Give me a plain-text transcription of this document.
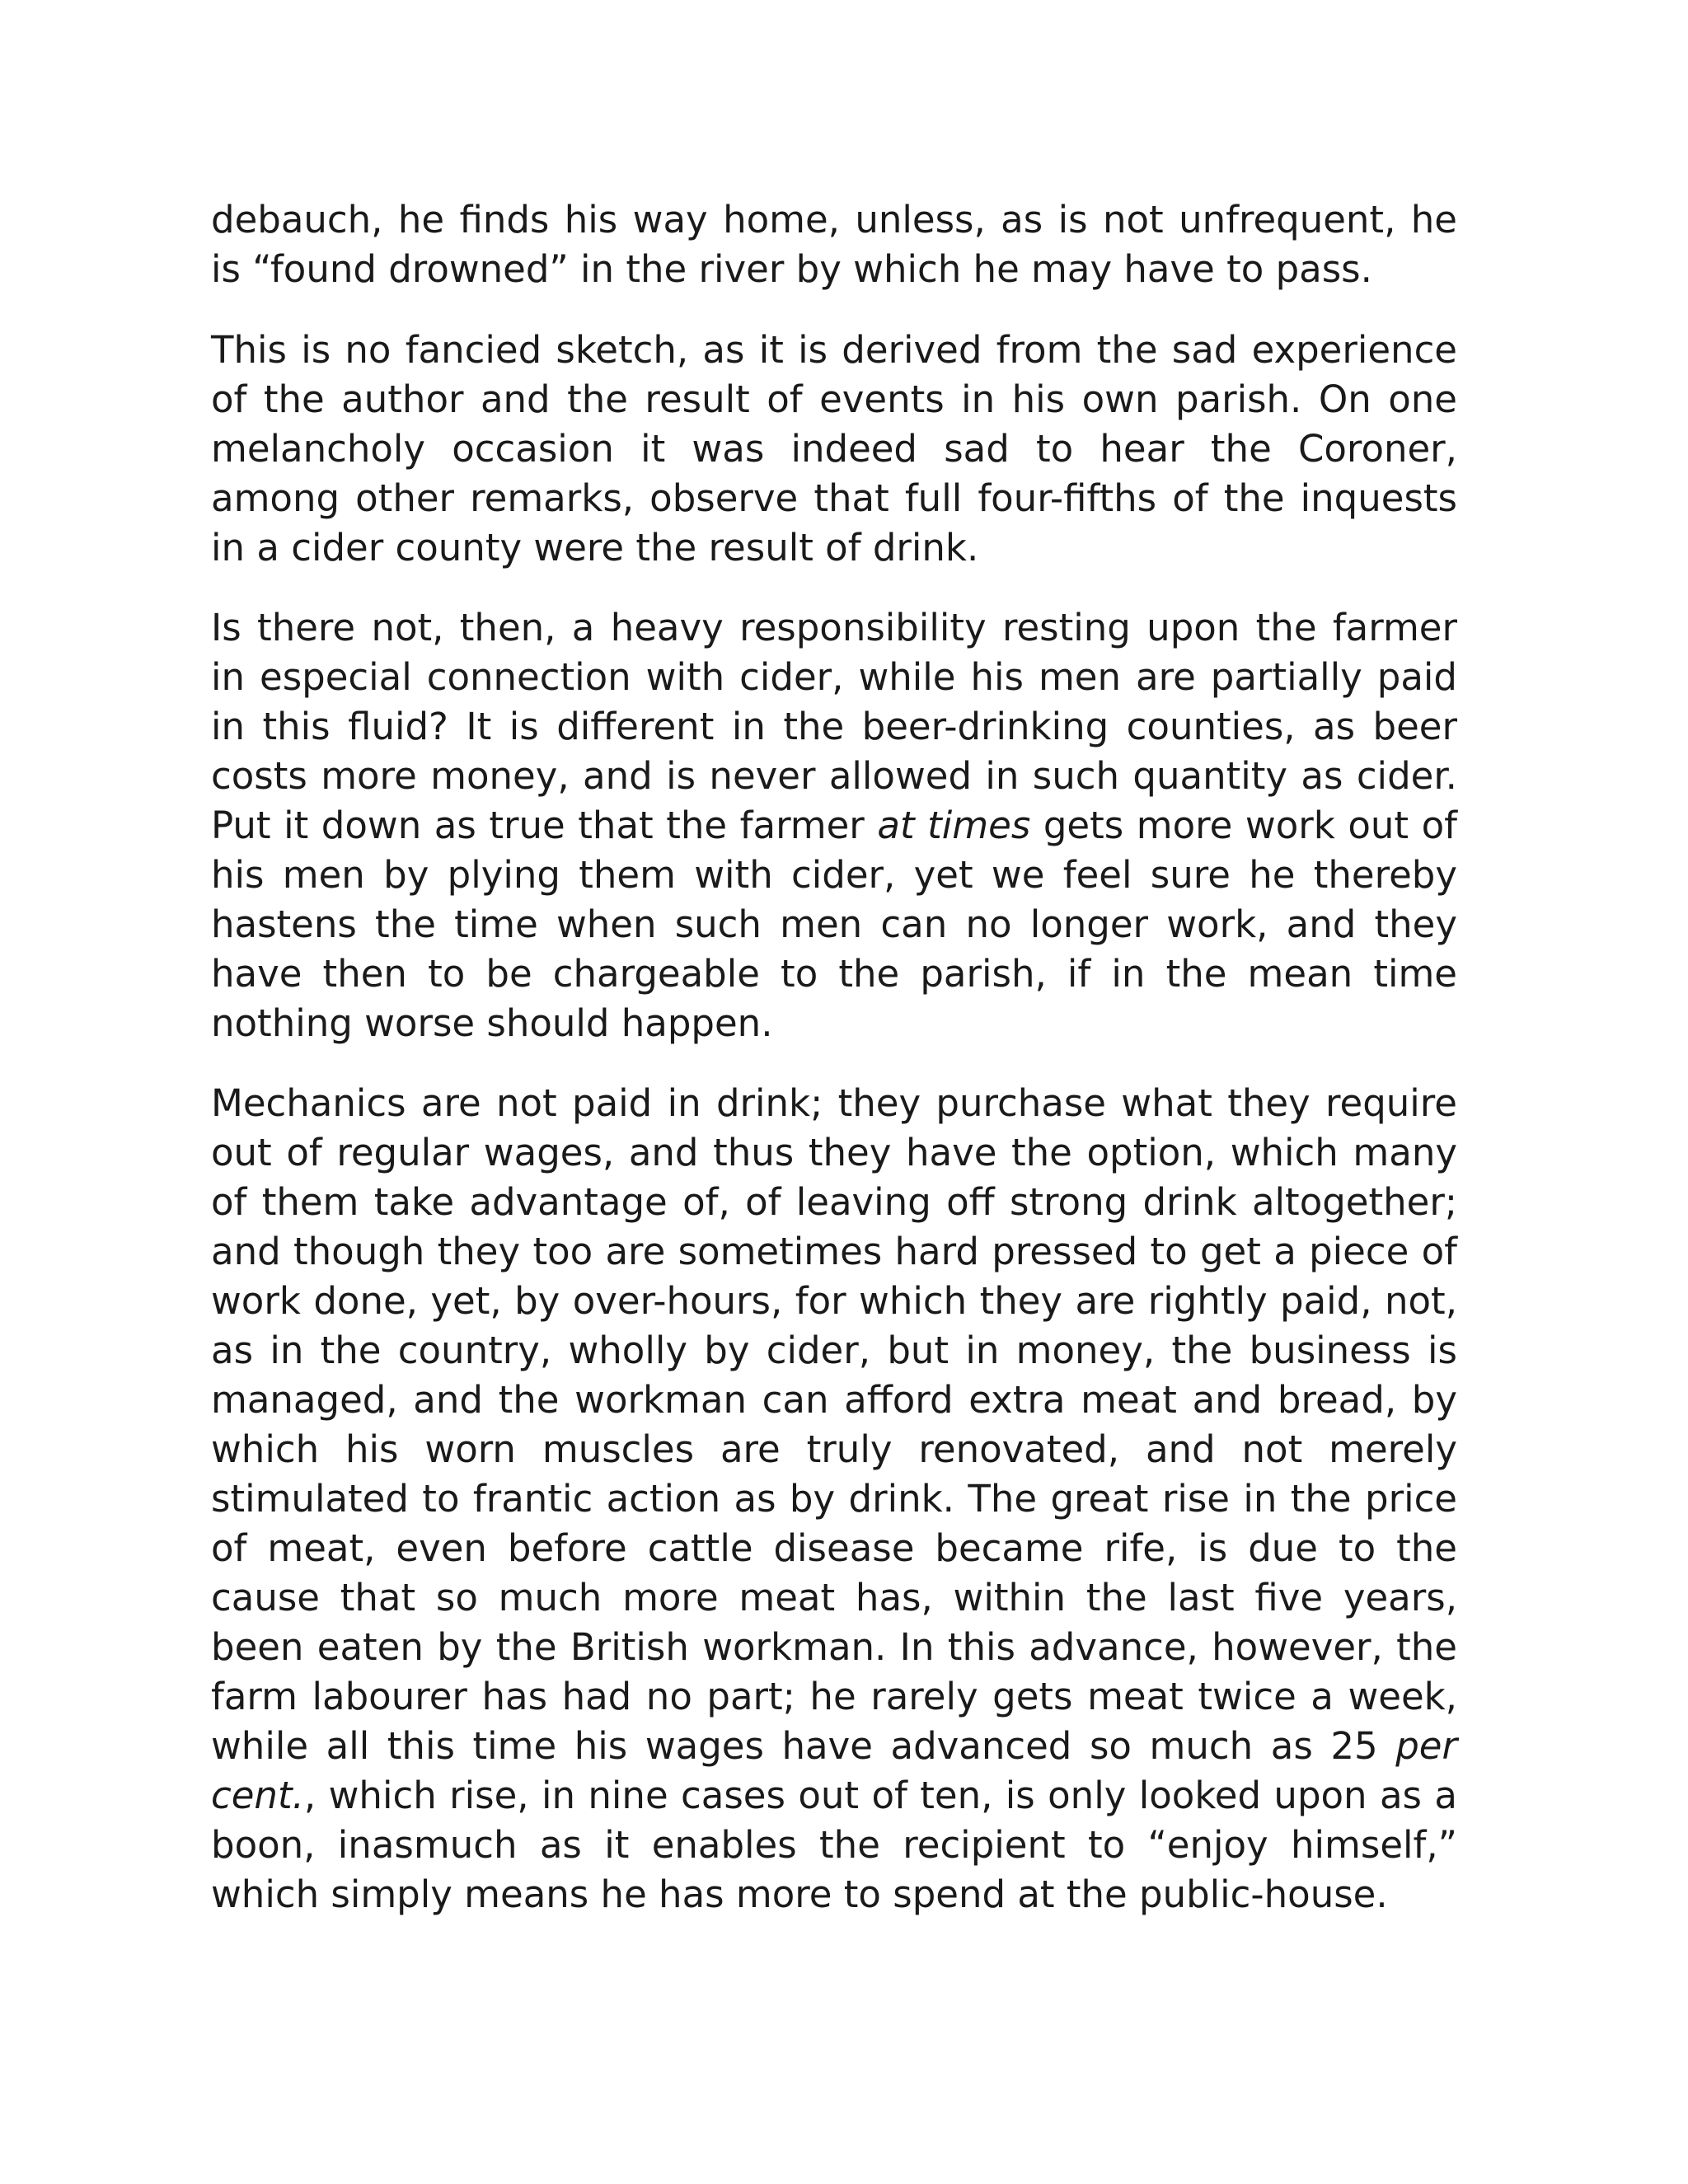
debauch, he finds his way home, unless, as is not unfrequent, he is “found drowned” in the river by which he may have to pass.

This is no fancied sketch, as it is derived from the sad experience of the author and the result of events in his own parish. On one melancholy occasion it was indeed sad to hear the Coroner, among other remarks, observe that full four-fifths of the inquests in a cider county were the result of drink.

Is there not, then, a heavy responsibility resting upon the farmer in especial connection with cider, while his men are partially paid in this fluid? It is different in the beer-drinking counties, as beer costs more money, and is never allowed in such quantity as cider. Put it down as true that the farmer at times gets more work out of his men by plying them with cider, yet we feel sure he thereby hastens the time when such men can no longer work, and they have then to be chargeable to the parish, if in the mean time nothing worse should happen.

Mechanics are not paid in drink; they purchase what they require out of regular wages, and thus they have the option, which many of them take advantage of, of leaving off strong drink altogether; and though they too are sometimes hard pressed to get a piece of work done, yet, by over-hours, for which they are rightly paid, not, as in the country, wholly by cider, but in money, the business is managed, and the workman can afford extra meat and bread, by which his worn muscles are truly renovated, and not merely stimulated to frantic action as by drink. The great rise in the price of meat, even before cattle disease became rife, is due to the cause that so much more meat has, within the last five years, been eaten by the British workman. In this advance, however, the farm labourer has had no part; he rarely gets meat twice a week, while all this time his wages have advanced so much as 25 per cent., which rise, in nine cases out of ten, is only looked upon as a boon, inasmuch as it enables the recipient to “enjoy himself,” which simply means he has more to spend at the public-house.
